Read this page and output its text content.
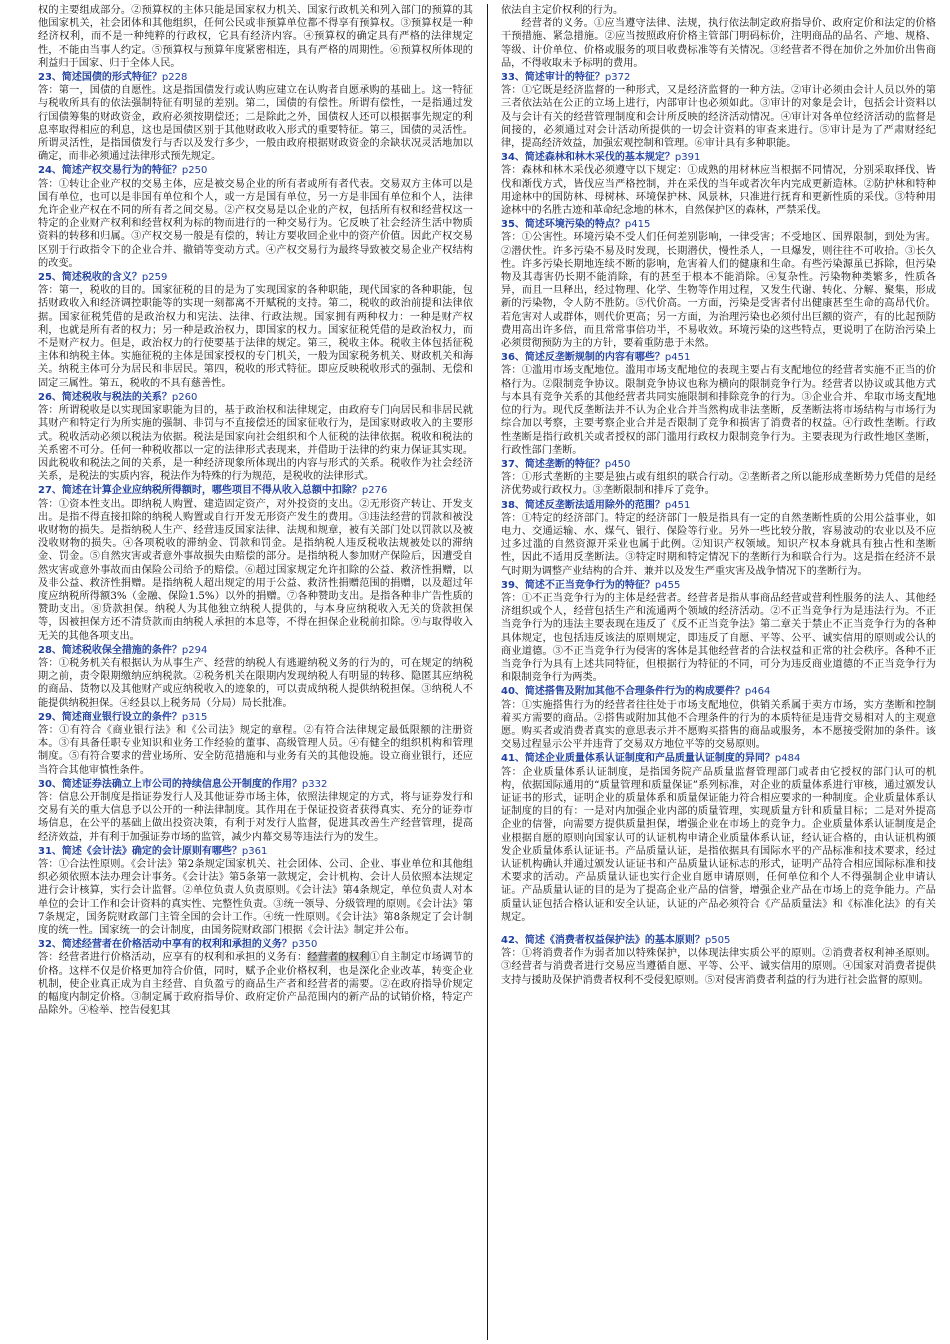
权的主要组成部分。②预算权的主体只能是国家权力机关、国家行政机关和列入部门的预算的其他国家机关，社会团体和其他组织，任何公民或非预算单位都不得享有预算权。③预算权是一种经济权利，而不是一种纯粹的行政权，它具有经济内容。④预算权的确定具有严格的法律规定性，不能由当事人约定。⑤预算权与预算年度紧密相连，具有严格的周期性。⑥预算权所体现的利益归于国家、归于全体人民。

23、简述国债的形式特征？p228

答：第一，国债的自愿性。这是指国债发行或认购应建立在认购者自愿承购的基础上。这一特征与税收所具有的依法强制特征有明显的差别。第二，国债的有偿性。所谓有偿性，一是指通过发行国债筹集的财政资金，政府必须按期偿还；二是除此之外，国债权人还可以根据事先规定的利息率取得相应的利息，这也是国债区别于其他财政收入形式的重要特征。第三，国债的灵活性。所谓灵活性，是指国债发行与否以及发行多少，一般由政府根据财政资金的余缺状况灵活地加以确定，而非必须通过法律形式预先规定。

24、简述产权交易行为的特征？p250

答：①转让企业产权的交易主体，应是被交易企业的所有者或所有者代表。交易双方主体可以是国有单位，也可以是非国有单位和个人，或一方是国有单位，另一方是非国有单位和个人，法律允许企业产权在不同的所有者之间交易。②产权交易是以企业的产权，包括所有权和经营权这一特定的企业财产权利和经营权利为标的物而进行的一种交易行为。它反映了社会经济生活中物质资料的转移和归属。③产权交易一般是有偿的，转让方要收回企业中的资产价值。因此产权交易区别于行政指令下的企业合并、撤销等变动方式。④产权交易行为最终导致被交易企业产权结构的改变。

25、简述税收的含义？p259

答：第一，税收的目的。国家征税的目的是为了实现国家的各种职能，现代国家的各种职能，包括财政收入和经济调控职能等的实现一刻都离不开赋税的支持。第二，税收的政治前提和法律依据。国家征税凭借的是政治权力和宪法、法律、行政法规。国家拥有两种权力：一种是财产权利，也就是所有者的权力；另一种是政治权力，即国家的权力。国家征税凭借的是政治权力，而不是财产权力。但是，政治权力的行使要基于法律的规定。第三，税收主体。税收主体包括征税主体和纳税主体。实施征税的主体是国家授权的专门机关，一般为国家税务机关、财政机关和海关。纳税主体可分为居民和非居民。第四，税收的形式特征。即应反映税收形式的强制、无偿和固定三属性。第五，税收的不具有慈善性。

26、简述税收与税法的关系？p260

答：所谓税收是以实现国家职能为目的，基于政治权和法律规定，由政府专门向居民和非居民就其财产和特定行为所实施的强制、非罚与不直接偿还的国家征收行为，是国家财政收入的主要形式。税收活动必须以税法为依据。税法是国家向社会组织和个人征税的法律依据。税收和税法的关系密不可分。任何一种税收都以一定的法律形式表现来，并借助于法律的约束力保证其实现。因此税收和税法之间的关系，是一种经济现象所体现出的内容与形式的关系。税收作为社会经济关系，是税法的实质内容，税法作为特殊的行为规范，是税收的法律形式。

27、简述在计算企业应纳税所得额时，哪些项目不得从收入总额中扣除？p276

答：①资本性支出。即纳税人购置、建造固定资产，对外投资的支出。②无形资产转让、开发支出。是指不得直接扣除的纳税人购置或自行开发无形资产发生的费用。③违法经营的罚款和被没收财物的损失。是指纳税人生产、经营违反国家法律、法规和规章，被有关部门处以罚款以及被没收财物的损失。④各项税收的滞纳金、罚款和罚金。是指纳税人违反税收法规被处以的滞纳金、罚金。⑤自然灾害或者意外事故损失由赔偿的部分。是指纳税人参加财产保险后，因遭受自然灾害或意外事故而由保险公司给予的赔偿。⑥超过国家规定允许扣除的公益、救济性捐赠，以及非公益、救济性捐赠。是指纳税人超出规定的用于公益、救济性捐赠范围的捐赠，以及超过年度应纳税所得额3%（金融、保险1.5%）以外的捐赠。⑦各种赞助支出。是指各种非广告性质的赞助支出。⑧贷款担保。纳税人为其他独立纳税人提供的，与本身应纳税收入无关的贷款担保等，因被担保方还不清贷款而由纳税人承担的本息等，不得在担保企业税前扣除。⑨与取得收入无关的其他各项支出。

28、简述税收保全措施的条件？p294

答：①税务机关有根据认为从事生产、经营的纳税人有逃避纳税义务的行为的，可在规定的纳税期之前，责令限期缴纳应纳税款。②税务机关在限期内发现纳税人有明显的转移、隐匿其应纳税的商品、货物以及其他财产或应纳税收入的迹象的，可以责成纳税人提供纳税担保。③纳税人不能提供纳税担保。④经县以上税务局（分局）局长批准。

29、简述商业银行设立的条件？p315

答：①有符合《商业银行法》和《公司法》规定的章程。②有符合法律规定最低限额的注册资本。③有具备任职专业知识和业务工作经验的董事、高级管理人员。④有健全的组织机构和管理制度。⑤有符合要求的营业场所、安全防范措施和与业务有关的其他设施。设立商业银行，还应当符合其他审慎性条件。

30、简述证券法确立上市公司的持续信息公开制度的作用？p332

答：信息公开制度是指证券发行人及其他证券市场主体，依照法律规定的方式，将与证券发行和交易有关的重大信息予以公开的一种法律制度。其作用在于保证投资者获得真实、充分的证券市场信息，在公平的基础上做出投资决策，有利于对发行人监督，促进其改善生产经营管理，提高经济效益，并有利于加强证券市场的监管，减少内幕交易等违法行为的发生。

31、简述《会计法》确定的会计原则有哪些？p361

答：①合法性原则。《会计法》第2条规定国家机关、社会团体、公司、企业、事业单位和其他组织必须依照本法办理会计事务。《会计法》第5条第一款规定，会计机构、会计人员依照本法规定进行会计核算，实行会计监督。②单位负责人负责原则。《会计法》第4条规定，单位负责人对本单位的会计工作和会计资料的真实性、完整性负责。③统一领导、分级管理的原则。《会计法》第7条规定，国务院财政部门主管全国的会计工作。④统一性原则。《会计法》第8条规定了会计制度的统一性。国家统一的会计制度，由国务院财政部门根据《会计法》制定并公布。

32、简述经营者在价格活动中享有的权利和承担的义务？p350

答：经营者进行价格活动，应享有的权利和承担的义务有：经营者的权利①自主制定市场调节的价格。这样不仅是价格更加符合价值，同时，赋予企业价格权利，也是深化企业改革，转变企业机制，使企业真正成为自主经营、自负盈亏的商品生产者和经营者的需要。②在政府指导价规定的幅度内制定价格。③制定属于政府指导价、政府定价产品范围内的新产品的试销价格，特定产品除外。④检举、控告侵犯其

依法自主定价权利的行为。

经营者的义务。①应当遵守法律、法规，执行依法制定政府指导价、政府定价和法定的价格干预措施、紧急措施。②应当按照政府价格主管部门明码标价，注明商品的品名、产地、规格、等级、计价单位、价格或服务的项目收费标准等有关情况。③经营者不得在加价之外加价出售商品，不得收取未予标明的费用。

33、简述审计的特征？p372

答：①它既是经济监督的一种形式，又是经济监督的一种方法。②审计必须由会计人员以外的第三者依法站在公正的立场上进行，内部审计也必须如此。③审计的对象是会计，包括会计资料以及与会计有关的经营管理制度和会计所反映的经济活动情况。④审计对各单位经济活动的监督是间接的，必须通过对会计活动所提供的一切会计资料的审查来进行。⑤审计是为了严肃财经纪律，提高经济效益，加强宏观控制和管理。⑥审计具有多种职能。

34、简述森林和林木采伐的基本规定？p391

答：森林和林木采伐必须遵守以下规定：①成熟的用材林应当根据不同情况，分别采取择伐、皆伐和渐伐方式，皆伐应当严格控制，并在采伐的当年或者次年内完成更新造林。②防护林和特种用途林中的国防林、母树林、环境保护林、风景林，只准进行抚育和更新性质的采伐。③特种用途林中的名胜古迹和革命纪念地的林木，自然保护区的森林，严禁采伐。

35、简述环境污染的特点？p415

答：①公害性。环境污染不受人们任何差别影响，一律受害；不受地区、国界限制，到处为害。②潜伏性。许多污染不易及时发现，长期潜伏，慢性杀人，一旦爆发，则往往不可收拾。③长久性。许多污染长期地连续不断的影响，危害着人们的健康和生命。有些污染源虽已拆除，但污染物及其毒害仍长期不能消除，有的甚至于根本不能消除。④复杂性。污染物种类繁多，性质各异，而且一旦释出，经过物理、化学、生物等作用过程，又发生代谢、转化、分解、聚集，形成新的污染物，令人防不胜防。⑤代价高。一方面，污染是受害者付出健康甚至生命的高昂代价。若危害对人或群体，则代价更高；另一方面，为治理污染也必须付出巨额的资产，有的比起预防费用高出许多倍，而且常常事倍功半，不易收效。环境污染的这些特点，更说明了在防治污染上必须贯彻预防为主的方针，要着重防患于未然。

36、简述反垄断规制的内容有哪些？p451

答：①滥用市场支配地位。滥用市场支配地位的表现主要占有支配地位的经营者实施不正当的价格行为。②限制竞争协议。限制竞争协议也称为横向的限制竞争行为。经营者以协议或其他方式与本具有竞争关系的其他经营者共同实施限制和排除竞争的行为。③企业合并、牟取市场支配地位的行为。现代反垄断法并不认为企业合并当然构成非法垄断，反垄断法将市场结构与市场行为综合加以考察，主要考察企业合并是否限制了竞争和损害了消费者的权益。④行政性垄断。行政性垄断是指行政机关或者授权的部门滥用行政权力限制竞争行为。主要表现为行政性地区垄断，行政性部门垄断。

37、简述垄断的特征？p450

答：①形式垄断的主要是独占或有组织的联合行动。②垄断者之所以能形成垄断势力凭借的是经济优势或行政权力。③垄断限制和排斥了竞争。

38、简述反垄断法适用除外的范围？p451

答：①特定的经济部门。特定的经济部门一般是指具有一定的自然垄断性质的公用公益事业，如电力、交通运输、水、煤气、银行、保险等行业。另外一些比较分散，容易波动的农业以及不应过多过滥的自然资源开采业也属于此例。②知识产权领域。知识产权本身就具有独占性和垄断性，因此不适用反垄断法。③特定时期和特定情况下的垄断行为和联合行为。这是指在经济不景气时期为调整产业结构的合并、兼并以及发生严重灾害及战争情况下的垄断行为。

39、简述不正当竞争行为的特征？p455

答：①不正当竞争行为的主体是经营者。经营者是指从事商品经营或营利性服务的法人、其他经济组织或个人，经营包括生产和流通两个领域的经济活动。②不正当竞争行为是违法行为。不正当竞争行为的违法主要表现在违反了《反不正当竞争法》第二章关于禁止不正当竞争行为的各种具体规定，也包括违反该法的原则规定，即违反了自愿、平等、公平、诚实信用的原则或公认的商业道德。③不正当竞争行为侵害的客体是其他经营者的合法权益和正常的社会秩序。各种不正当竞争行为具有上述共同特征，但根据行为特征的不同，可分为违反商业道德的不正当竞争行为和限制竞争行为两类。

40、简述搭售及附加其他不合理条件行为的构成要件？p464

答：①实施搭售行为的经营者往往处于市场支配地位，供销关系属于卖方市场，实方垄断和控制着买方需要的商品。②搭售或附加其他不合理条件的行为的本质特征是违背交易相对人的主观意愿。购买者或消费者真实的意思表示并不愿购买搭售的商品或服务，本不愿接受附加的条件。该交易过程显示公平并违背了交易双方地位平等的交易原则。

41、简述企业质量体系认证制度和产品质量认证制度的异同？p484

答：企业质量体系认证制度，是指国务院产品质量监督管理部门或者由它授权的部门认可的机构，依据国际通用的“质量管理和质量保证”系列标准，对企业的质量体系进行审核，通过颁发认证证书的形式，证明企业的质量体系和质量保证能力符合相应要求的一种制度。企业质量体系认证制度的目的有：一是对内加强企业内部的质量管理，实现质量方针和质量目标；二是对外提高企业的信誉，向需要方提供质量担保，增强企业在市场上的竞争力。企业质量体系认证制度是企业根据自愿的原则向国家认可的认证机构申请企业质量体系认证，经认证合格的，由认证机构颁发企业质量体系认证证书。产品质量认证，是指依据具有国际水平的产品标准和技术要求，经过认证机构确认并通过颁发认证证书和产品质量认证标志的形式，证明产品符合相应国际标准和技术要求的活动。产品质量认证也实行企业自愿申请原则，任何单位和个人不得强制企业申请认证。产品质量认证的目的是为了提高企业产品的信誉，增强企业产品在市场上的竞争能力。产品质量认证包括合格认证和安全认证，认证的产品必须符合《产品质量法》和《标准化法》的有关规定。

42、简述《消费者权益保护法》的基本原则？p505

答：①将消费者作为弱者加以特殊保护，以体现法律实质公平的原则。②消费者权利神圣原则。③经营者与消费者进行交易应当遵循自愿、平等、公平、诚实信用的原则。④国家对消费者提供支持与援助及保护消费者权利不受侵犯原则。⑤对侵害消费者利益的行为进行社会监督的原则。
